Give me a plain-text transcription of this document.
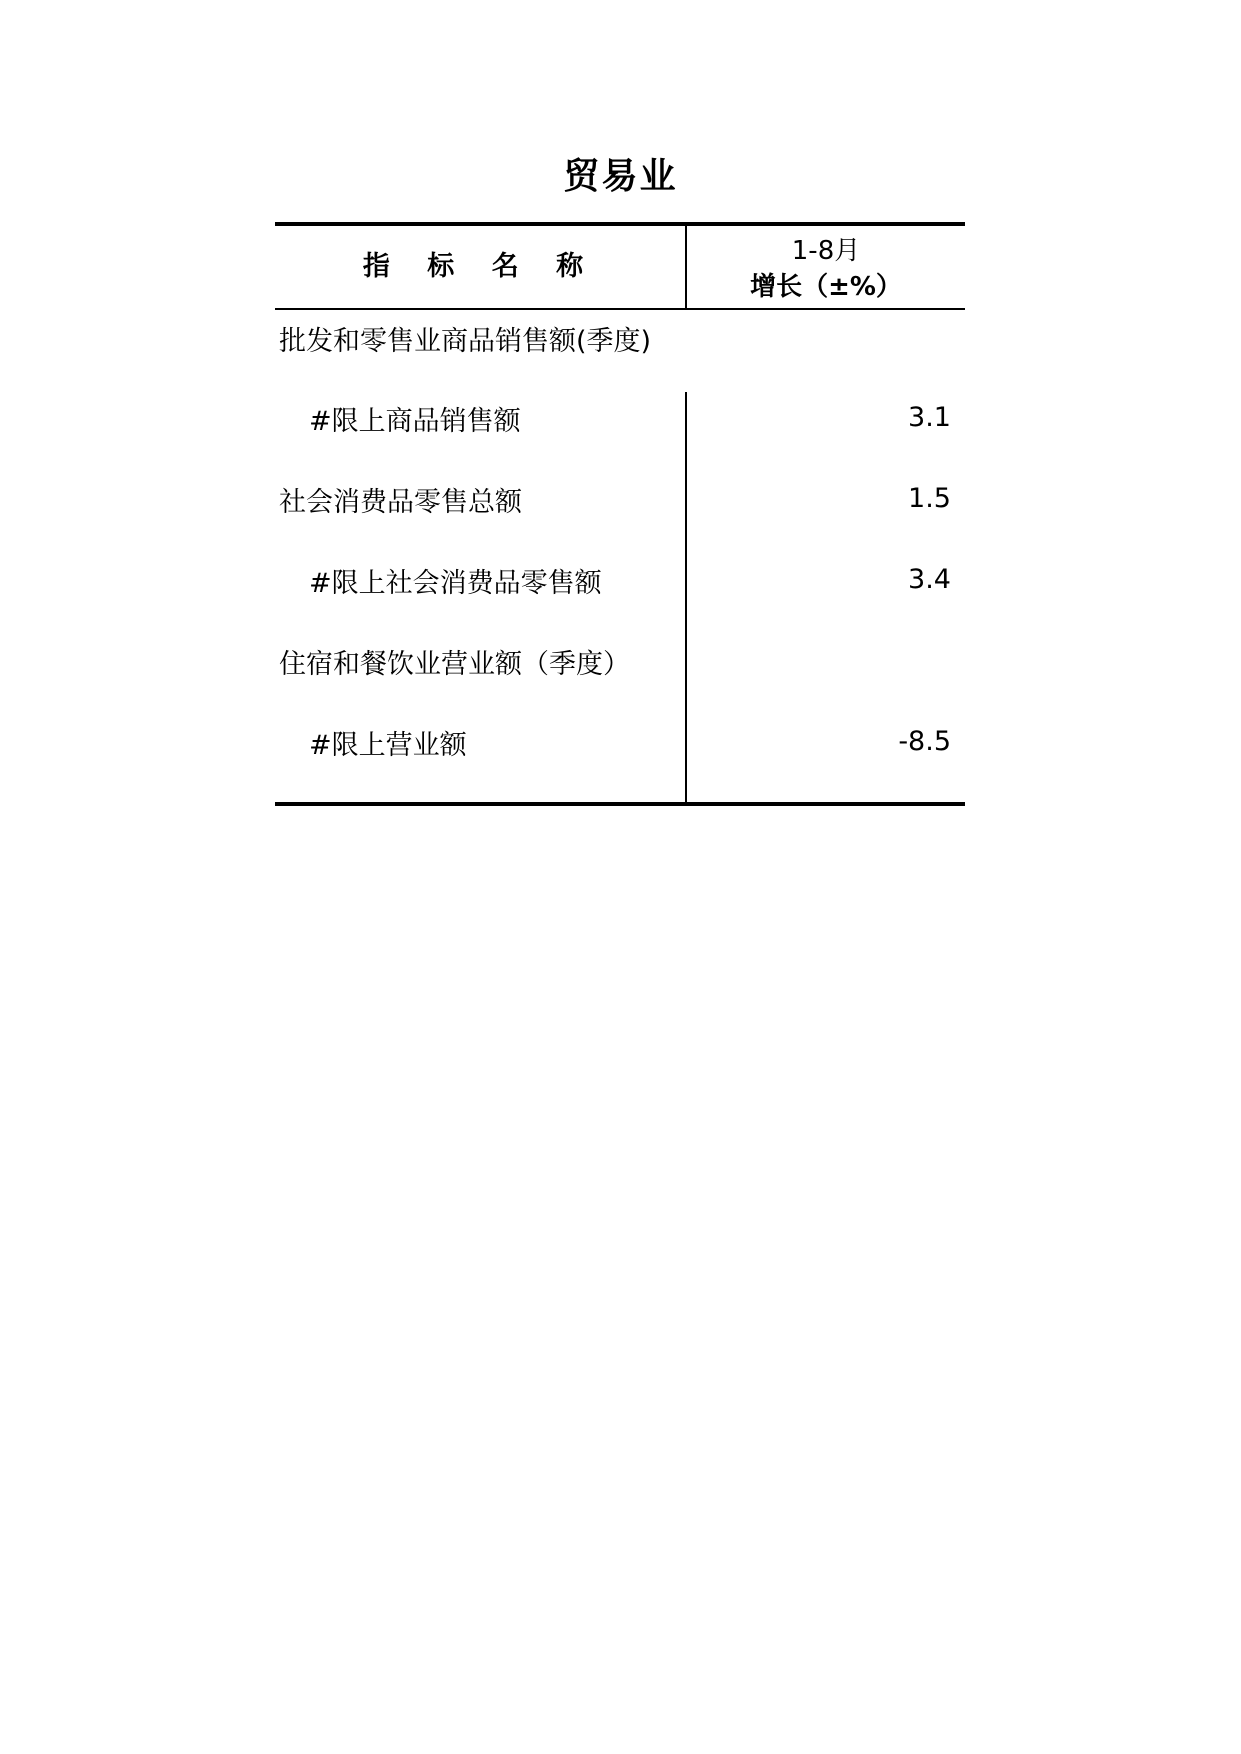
贸易业
指 标 名 称	1-8月
增长（±%）
批发和零售业商品销售额(季度)
#限上商品销售额	3.1
社会消费品零售总额	1.5
#限上社会消费品零售额	3.4
住宿和餐饮业营业额（季度）
#限上营业额	-8.5
